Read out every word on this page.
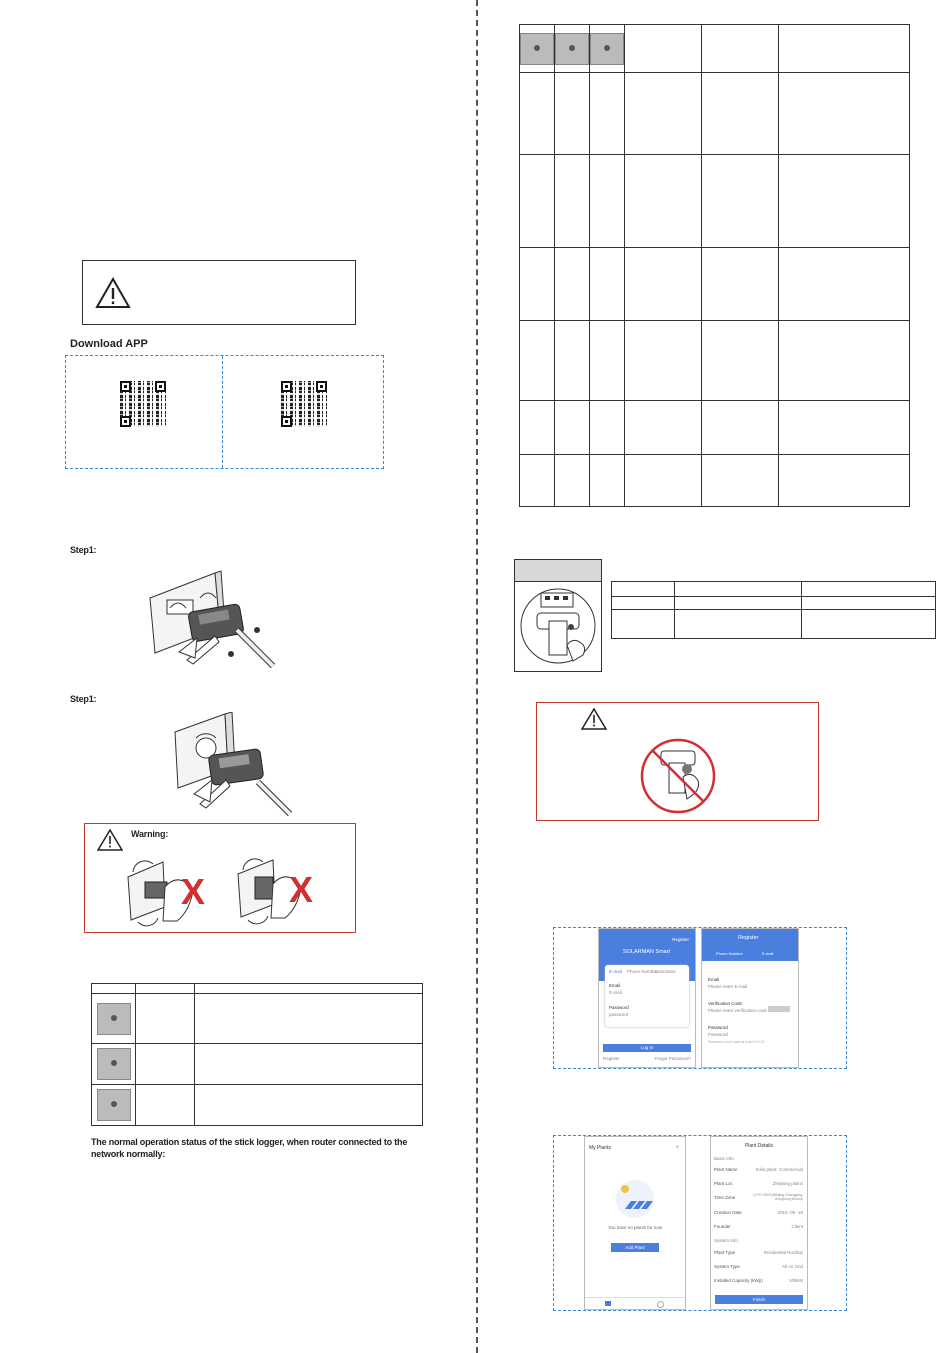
Download APP
Step1:
Step1:
Warning:
X X

The normal operation status of the stick logger, when router connected to the network normally:

Register
SOLARMAN Smart
E-mail Phone Number
Username
Email
E-mail
Password
password
Log In
Register	Forgot Password?
Register
Phone Number	E-mail
Email
Please enter E-mail
Verification Code
Please enter verification code
Password
Password
Password must have at least 6 to 20
My Plants	+
You have no plants for now
Add Plant
Plant Details
Basic Info
Plant Name	Solis plant- Commercial
Plant Loc	Zhejiang plains
Time Zone	(UTC+08:00)Beijing,Chongqing, Hongkong,Urumqi
Creation Date	2019 -05 -16
Founder	Client
System Info
Plant Type	Residential Rooftop
System Type	All on Grid
Installed Capacity (kWp)	100kW
Finish
